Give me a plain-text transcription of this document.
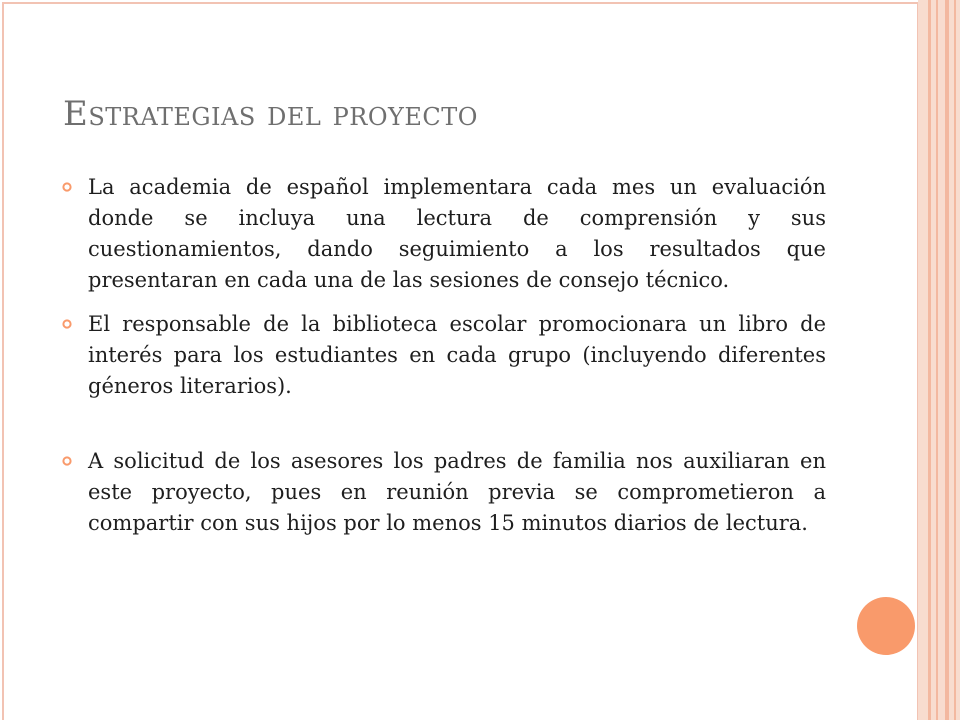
Estrategias del proyecto
La academia de español implementara cada mes un evaluación donde se incluya una lectura de comprensión y sus cuestionamientos, dando seguimiento a los resultados que presentaran en cada una de las sesiones de consejo técnico.
El responsable de la biblioteca escolar promocionara un libro de interés para los estudiantes en cada grupo (incluyendo diferentes géneros literarios).
A solicitud de los asesores los padres de familia nos auxiliaran en este proyecto, pues en reunión previa se comprometieron a compartir con sus hijos por lo menos 15 minutos diarios de lectura.
